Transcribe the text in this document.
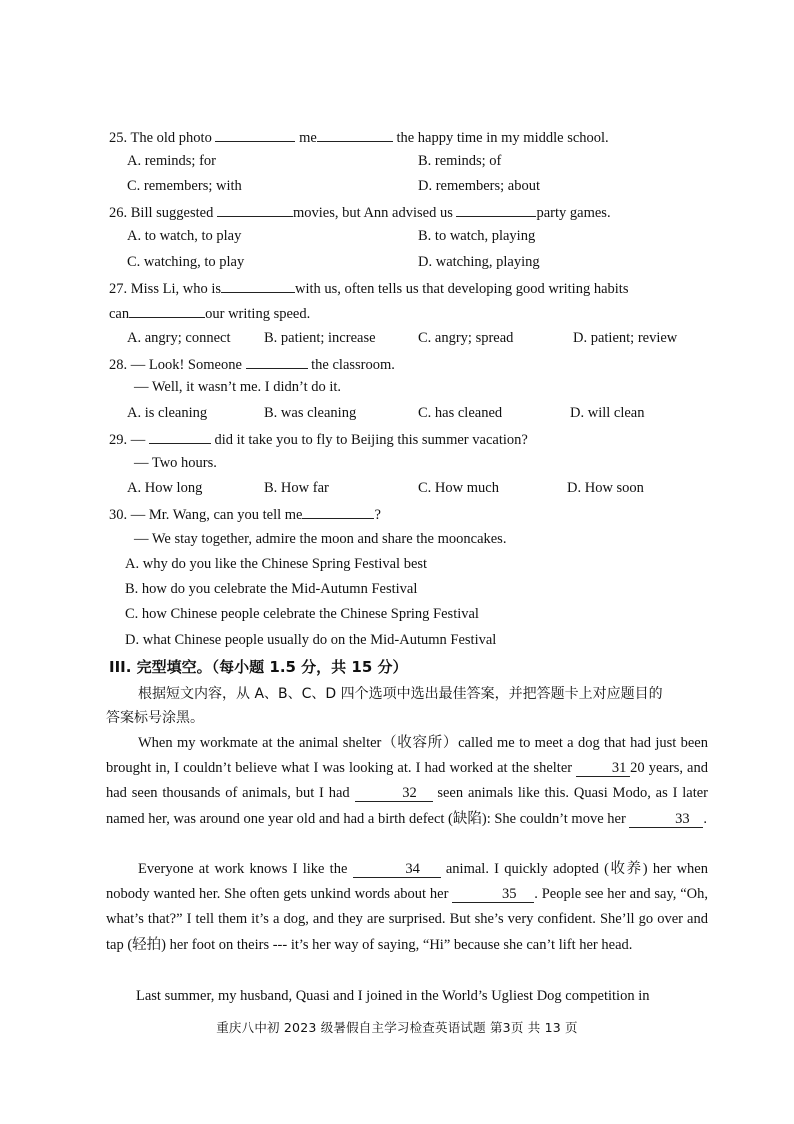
25. The old photo	me	the happy time in my middle school.
A. reminds; for	B. reminds; of
C. remembers; with	D. remembers; about
26. Bill suggested	movies, but Ann advised us	party games.
A. to watch, to play	B. to watch, playing
C. watching, to play	D. watching, playing
27. Miss Li, who is	with us, often tells us that developing good writing habits
can	our writing speed.
A. angry; connect B. patient; increase	C. angry; spread	D. patient; review
28. — Look! Someone	the classroom.
— Well, it wasn’t me. I didn’t do it.
A. is cleaning	B. was cleaning	C. has cleaned	D. will clean
29. —	did it take you to fly to Beijing this summer vacation?
— Two hours.
A. How long	B. How far	C. How much	D. How soon
30. — Mr. Wang, can you tell me	?
— We stay together, admire the moon and share the mooncakes.
A. why do you like the Chinese Spring Festival best
B. how do you celebrate the Mid-Autumn Festival
C. how Chinese people celebrate the Chinese Spring Festival
D. what Chinese people usually do on the Mid-Autumn Festival
III. 完型填空。（每小题 1.5 分，共 15 分）
根据短文内容，从 A、B、C、D 四个选项中选出最佳答案，并把答题卡上对应题目的
答案标号涂黑。
When my workmate at the animal shelter（收容所）called me to meet a dog that had just been brought in, I couldn’t believe what I was looking at. I had worked at the shelter 31 20 years, and had seen thousands of animals, but I had	32 seen animals like this. Quasi Modo, as I later named her, was around one year old and had a birth defect (缺陷): She couldn’t move her	33 .
Everyone at work knows I like the	34 animal. I quickly adopted (收养) her when nobody wanted her. She often gets unkind words about her	35 . People see her and say, “Oh, what’s that?” I tell them it’s a dog, and they are surprised. But she’s very confident. She’ll go over and tap (轻拍) her foot on theirs --- it’s her way of saying, “Hi” because she can’t lift her head.
Last summer, my husband, Quasi and I joined in the World’s Ugliest Dog competition in
重庆八中初 2023 级暑假自主学习检查英语试题 第3页 共 13 页
